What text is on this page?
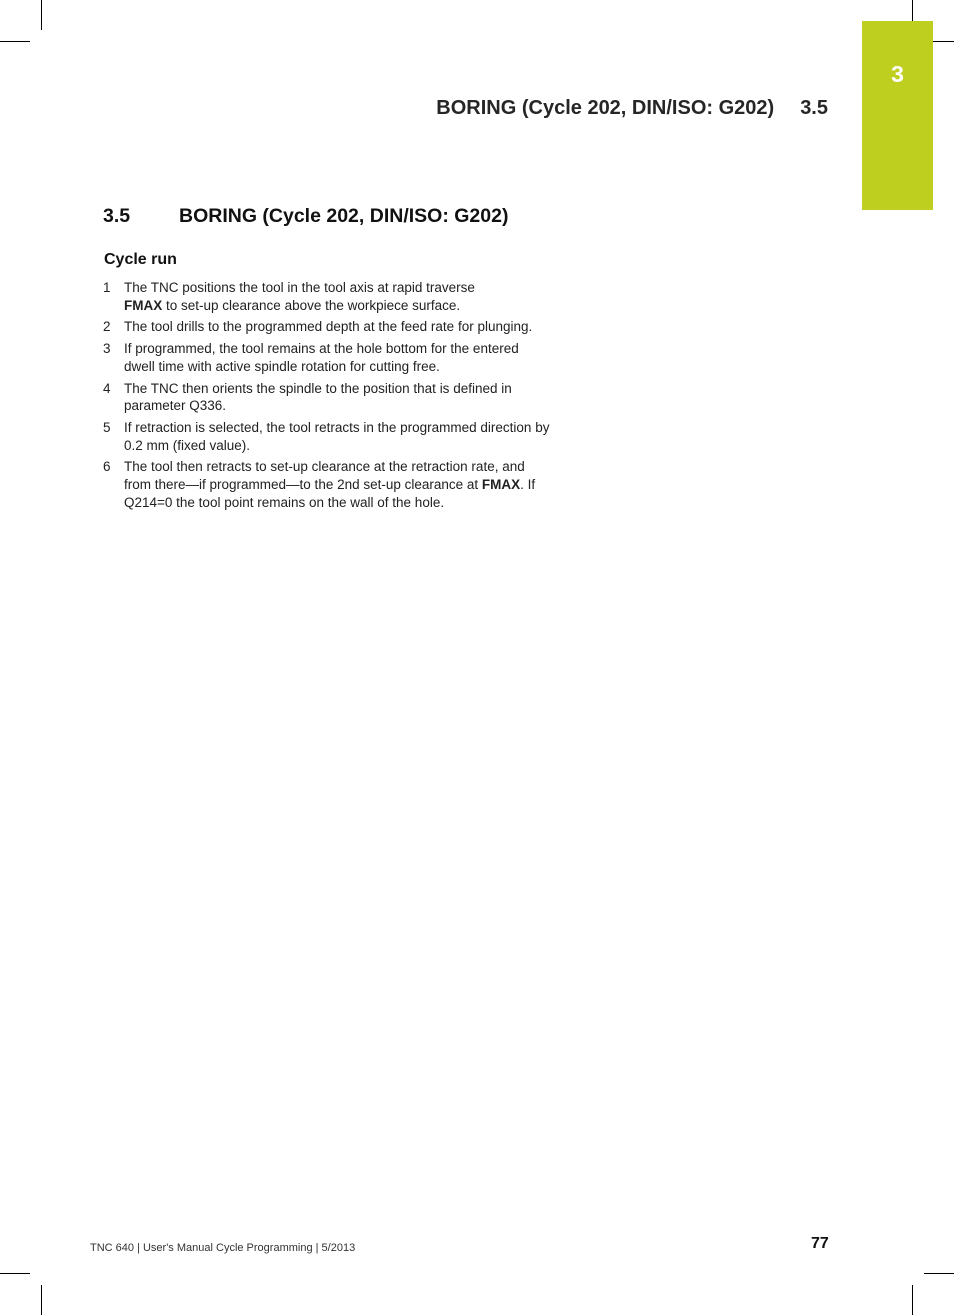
3
BORING (Cycle 202, DIN/ISO: G202) 3.5
3.5	BORING (Cycle 202, DIN/ISO: G202)
Cycle run
1 The TNC positions the tool in the tool axis at rapid traverse
FMAX to set-up clearance above the workpiece surface.
2 The tool drills to the programmed depth at the feed rate for plunging.
3 If programmed, the tool remains at the hole bottom for the entered dwell time with active spindle rotation for cutting free.
4 The TNC then orients the spindle to the position that is defined in parameter Q336.
5 If retraction is selected, the tool retracts in the programmed direction by 0.2 mm (fixed value).
6 The tool then retracts to set-up clearance at the retraction rate, and from there—if programmed—to the 2nd set-up clearance at FMAX. If Q214=0 the tool point remains on the wall of the hole.
TNC 640 | User's Manual Cycle Programming | 5/2013	77
